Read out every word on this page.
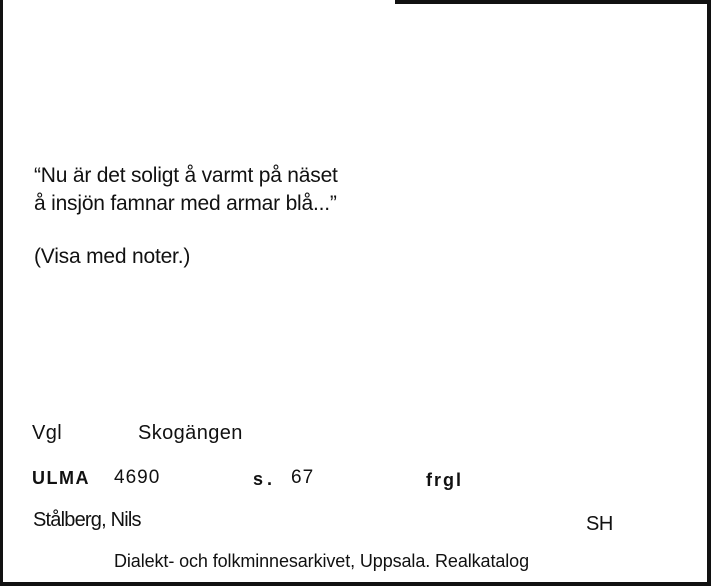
“Nu är det soligt å varmt på näset
å insjön famnar med armar blå...”
(Visa med noter.)
Vgl	Skogängen
ULMA 4690	s. 67	frgl
Stålberg, Nils	SH
Dialekt- och folkminnesarkivet, Uppsala. Realkatalog
